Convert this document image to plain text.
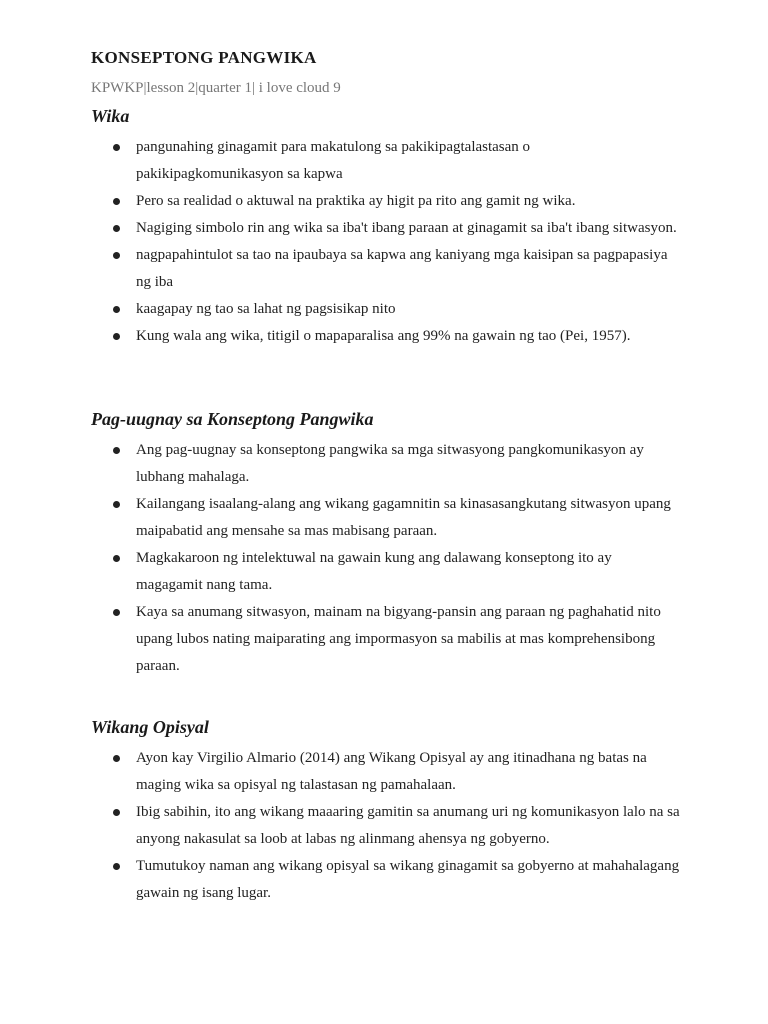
KONSEPTONG PANGWIKA

KPWKP|lesson 2|quarter 1| i love cloud 9

Wika
pangunahing ginagamit para makatulong sa pakikipagtalastasan o pakikipagkomunikasyon sa kapwa
Pero sa realidad o aktuwal na praktika ay higit pa rito ang gamit ng wika.
Nagiging simbolo rin ang wika sa iba't ibang paraan at ginagamit sa iba't ibang sitwasyon.
nagpapahintulot sa tao na ipaubaya sa kapwa ang kaniyang mga kaisipan sa pagpapasiya ng iba
kaagapay ng tao sa lahat ng pagsisikap nito
Kung wala ang wika, titigil o mapaparalisa ang 99% na gawain ng tao (Pei, 1957).
Pag-uugnay sa Konseptong Pangwika
Ang pag-uugnay sa konseptong pangwika sa mga sitwasyong pangkomunikasyon ay lubhang mahalaga.
Kailangang isaalang-alang ang wikang gagamnitin sa kinasasangkutang sitwasyon upang maipabatid ang mensahe sa mas mabisang paraan.
Magkakaroon ng intelektuwal na gawain kung ang dalawang konseptong ito ay magagamit nang tama.
Kaya sa anumang sitwasyon, mainam na bigyang-pansin ang paraan ng paghahatid nito upang lubos nating maiparating ang impormasyon sa mabilis at mas komprehensibong paraan.
Wikang Opisyal
Ayon kay Virgilio Almario (2014) ang Wikang Opisyal ay ang itinadhana ng batas na maging wika sa opisyal ng talastasan ng pamahalaan.
Ibig sabihin, ito ang wikang maaaring gamitin sa anumang uri ng komunikasyon lalo na sa anyong nakasulat sa loob at labas ng alinmang ahensya ng gobyerno.
Tumutukoy naman ang wikang opisyal sa wikang ginagamit sa gobyerno at mahahalagang gawain ng isang lugar.
